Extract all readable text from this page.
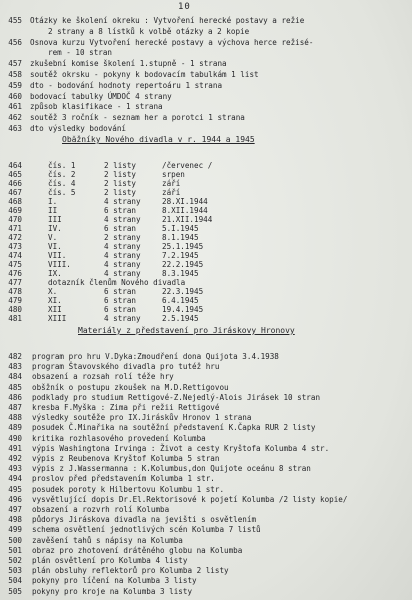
10
455 Otázky ke školení okreku : Vytvoření herecké postavy a režie
2 strany a 8 lístků k volbě otázky a 2 kopie
456 Osnova kurzu Vytvoření herecké postavy a výchova herce režisé-
rem - 10 stran
457 zkušební komise školení 1.stupně - 1 strana
458 soutěž okrsku - pokyny k bodovacím tabulkám 1 list
459 dto - bodování hodnoty repertoáru 1 strana
460 bodovací tabulky ÚMDOČ 4 strany
461 způsob klasifikace - 1 strana
462 soutěž 3 ročník - seznam her a porotci 1 strana
463 dto výsledky bodování
Obăžníky Nového divadla v r. 1944 a 1945
464	čís. 1	2 listy	/červenec /
465	čís. 2	2 listy	srpen
466	čís. 4	2 listy	září
467	čís. 5	2 listy	září
468	I.	4 strany	28.XI.1944
469	II	6 stran	8.XII.1944
470	III	4 strany	21.XII.1944
471	IV.	6 stran	5.I.1945
472	V.	2 strany	8.1.1945
473	VI.	4 strany	25.1.1945
474	VII.	4 strany	7.2.1945
475	VIII.	4 strany	22.2.1945
476	IX.	4 strany	8.3.1945
477	dotazník členům Nového divadla
478	X.	6 stran	22.3.1945
479	XI.	6 stran	6.4.1945
480	XII	6 stran	19.4.1945
481	XIII	4 strany	2.5.1945
Materiály z představení pro Jiráskovy Hronovy
482 program pro hru V.Dyka:Zmoudření dona Quijota 3.4.1938
483 program Štavovského divadla pro tutéž hru
484 obsazení a rozsah rolí téže hry
485 obšžník o postupu zkoušek na M.D.Rettigovou
486 podklady pro studium Rettigové-Z.Nejedlý-Alois Jirásek 10 stran
487 kresba F.Myška : Zima při režii Rettigové
488 výsledky soutěže pro IX.Jiráskův Hronov 1 strana
489 posudek Č.Minařika na soutěžní představení K.Čapka RUR 2 listy
490 kritika rozhlasového provedení Kolumba
491 výpis Washingtona Irvinga : Život a cesty Kryštofa Kolumba 4 str.
492 výpis z Reubenova Kryštof Kolumba 5 stran
493 výpis z J.Wassermanna : K.Kolumbus,don Quijote oceánu 8 stran
494 proslov před představením Kolumba 1 str.
495 posudek poroty k Hilbertovu Kolumbu 1 str.
496 vysvětlující dopis Dr.El.Rektorisové k pojetí Kolumba /2 listy kopie/
497 obsazení a rozvrh rolí Kolumba
498 půdorys Jiráskova divadla na jevišti s osvětlením
499 schema osvětlení jednotlivých scén Kolumba 7 listů
500 zavěšení tahů s nápisy na Kolumba
501 obraz pro zhotovení drátěného globu na Kolumba
502 plán osvětlení pro Kolumba 4 listy
503 plán obsluhy reflektorů pro Kolumba 2 listy
504 pokyny pro líčení na Kolumba 3 listy
505 pokyny pro kroje na Kolumba 3 listy
